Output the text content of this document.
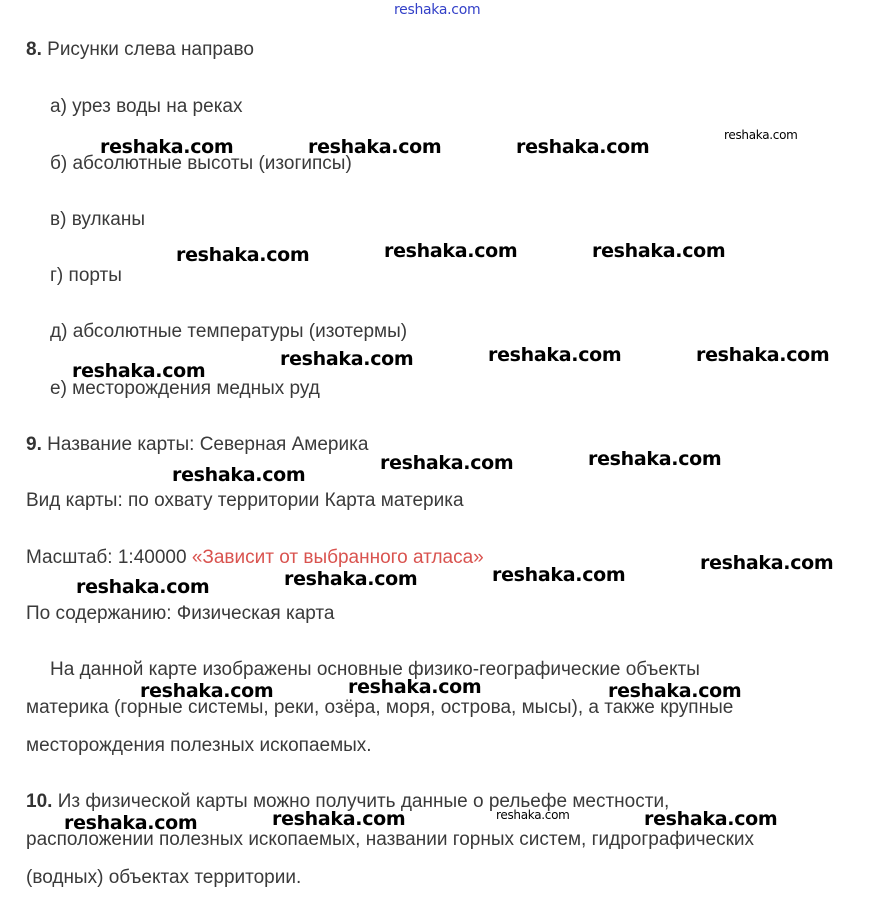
reshaka.com
8. Рисунки слева направо
а) урез воды на реках
б) абсолютные высоты (изогипсы)
в) вулканы
г) порты
д) абсолютные температуры (изотермы)
е) месторождения медных руд
9. Название карты: Северная Америка
Вид карты: по охвату территории Карта материка
Масштаб: 1:40000 «Зависит от выбранного атласа»
По содержанию: Физическая карта
На данной карте изображены основные физико-географические объекты
материка (горные системы, реки, озёра, моря, острова, мысы), а также крупные
месторождения полезных ископаемых.
10. Из физической карты можно получить данные о рельефе местности,
расположении полезных ископаемых, названии горных систем, гидрографических
(водных) объектах территории.
reshaka.com	reshaka.com	reshaka.com
reshaka.com
reshaka.com	reshaka.com	reshaka.com
reshaka.com
reshaka.com	reshaka.com	reshaka.com
reshaka.com
reshaka.com	reshaka.com
reshaka.com	reshaka.com	reshaka.com
reshaka.com
reshaka.com	reshaka.com	reshaka.com
reshaka.com	reshaka.com	reshaka.com	reshaka.com
